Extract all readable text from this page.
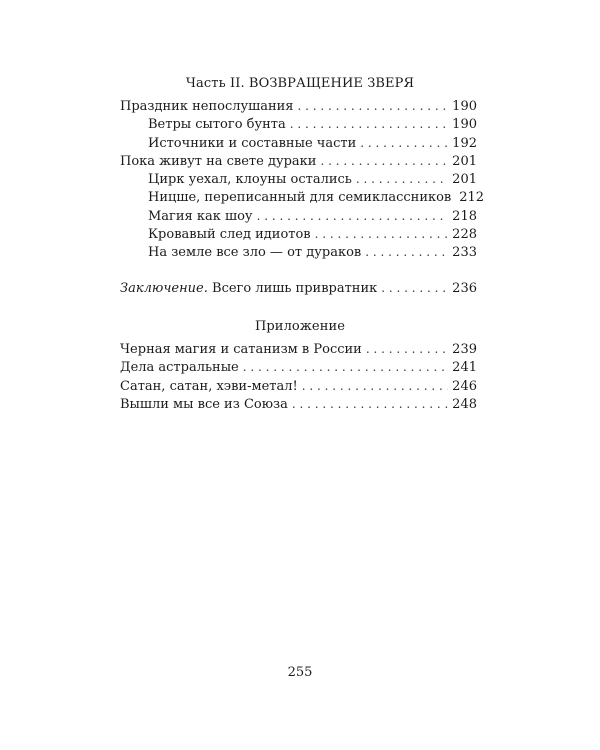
Часть II. ВОЗВРАЩЕНИЕ ЗВЕРЯ
Праздник непослушания . . .	190
Ветры сытого бунта . . .	190
Источники и составные части . . .	192
Пока живут на свете дураки . . .	201
Цирк уехал, клоуны остались . . .	201
Ницше, переписанный для семиклассников 212
Магия как шоу . . .	218
Кровавый след идиотов . . .	228
На земле все зло — от дураков . . .	233
Заключение. Всего лишь привратник . . .	236
Приложение
Черная магия и сатанизм в России . . .	239
Дела астральные . . .	241
Сатан, сатан, хэви-метал! . . .	246
Вышли мы все из Союза . . .	248
255
